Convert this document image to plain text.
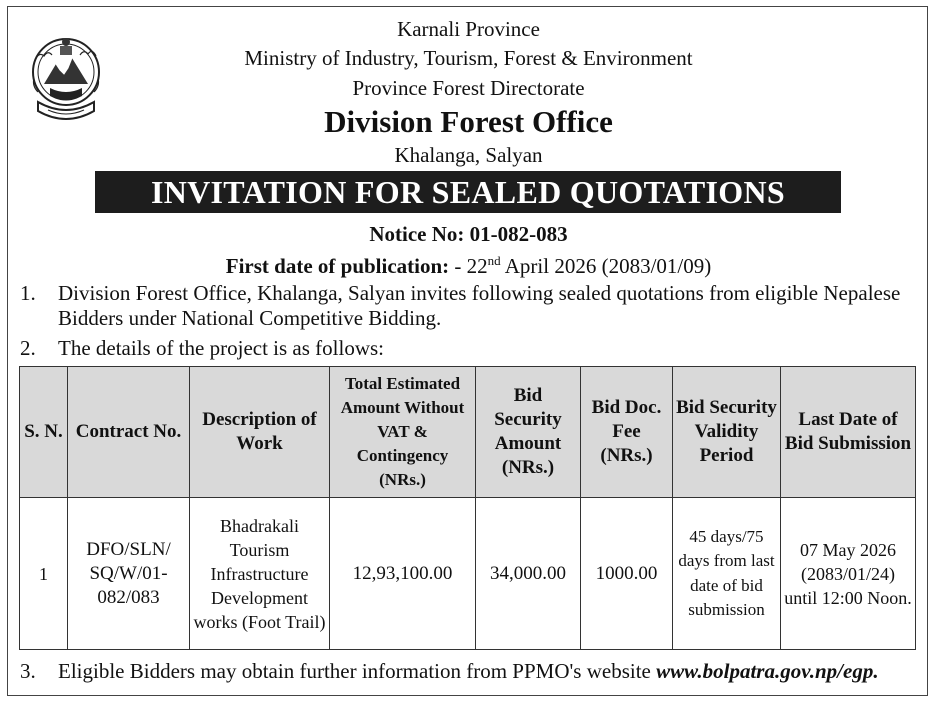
Karnali Province
Ministry of Industry, Tourism, Forest & Environment
Province Forest Directorate
Division Forest Office
Khalanga, Salyan
INVITATION FOR SEALED QUOTATIONS
Notice No: 01-082-083
First date of publication: - 22nd April 2026 (2083/01/09)
1. Division Forest Office, Khalanga, Salyan invites following sealed quotations from eligible Nepalese Bidders under National Competitive Bidding.
2. The details of the project is as follows:
S. N.	Contract No.	Description of Work	Total Estimated Amount Without VAT & Contingency (NRs.)	Bid Security Amount (NRs.)	Bid Doc. Fee (NRs.)	Bid Security Validity Period	Last Date of Bid Submission
1	DFO/SLN/ SQ/W/01- 082/083	Bhadrakali Tourism Infrastructure Development works (Foot Trail)	12,93,100.00	34,000.00	1000.00	45 days/75 days from last date of bid submission	07 May 2026 (2083/01/24) until 12:00 Noon.
3. Eligible Bidders may obtain further information from PPMO's website www.bolpatra.gov.np/egp.
